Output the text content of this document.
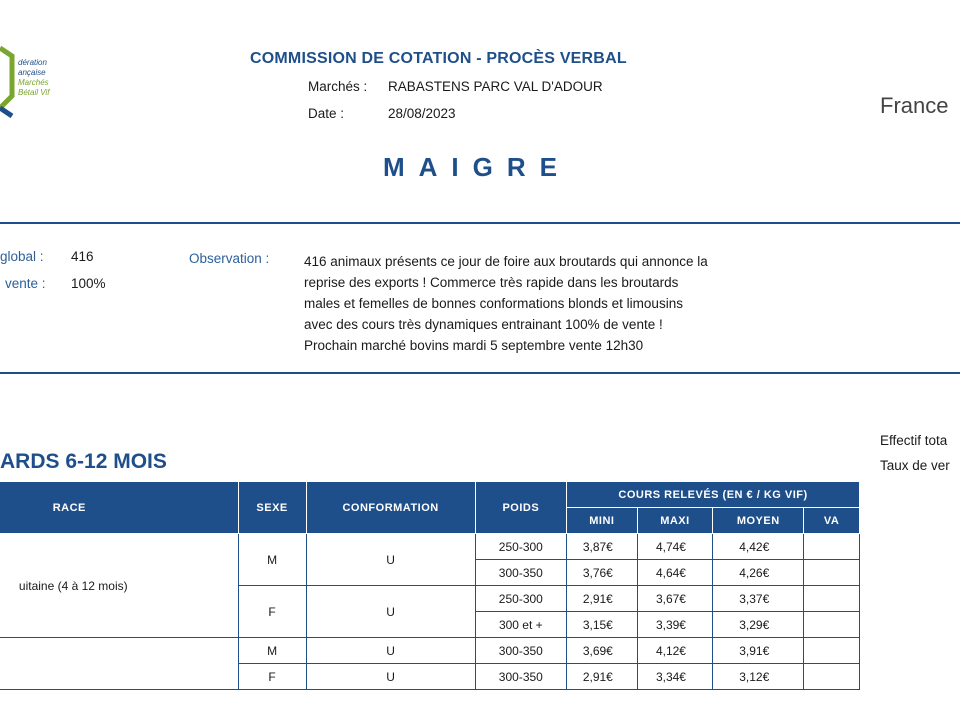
dération
ançaise
Marchés
Bétail Vif
COMMISSION DE COTATION - PROCÈS VERBAL
Marchés : RABASTENS PARC VAL D'ADOUR
Date :	28/08/2023	France
MAIGRE
global : 416
vente : 100%
Observation :	416 animaux présents ce jour de foire aux broutards qui annonce la
reprise des exports ! Commerce très rapide dans les broutards
males et femelles de bonnes conformations blonds et limousins
avec des cours très dynamiques entrainant 100% de vente !
Prochain marché bovins mardi 5 septembre vente 12h30
ARDS 6-12 MOIS
Effectif tota
Taux de ver
RACE	SEXE	CONFORMATION	POIDS	COURS RELEVÉS (EN € / KG VIF)			
				MINI	MAXI	MOYEN	VA
uitaine (4 à 12 mois)	M	U	250-300	3,87€	4,74€	4,42€	
			300-350	3,76€	4,64€	4,26€	
	F	U	250-300	2,91€	3,67€	3,37€	
			300 et +	3,15€	3,39€	3,29€	
	M	U	300-350	3,69€	4,12€	3,91€	
	F	U	300-350	2,91€	3,34€	3,12€	
